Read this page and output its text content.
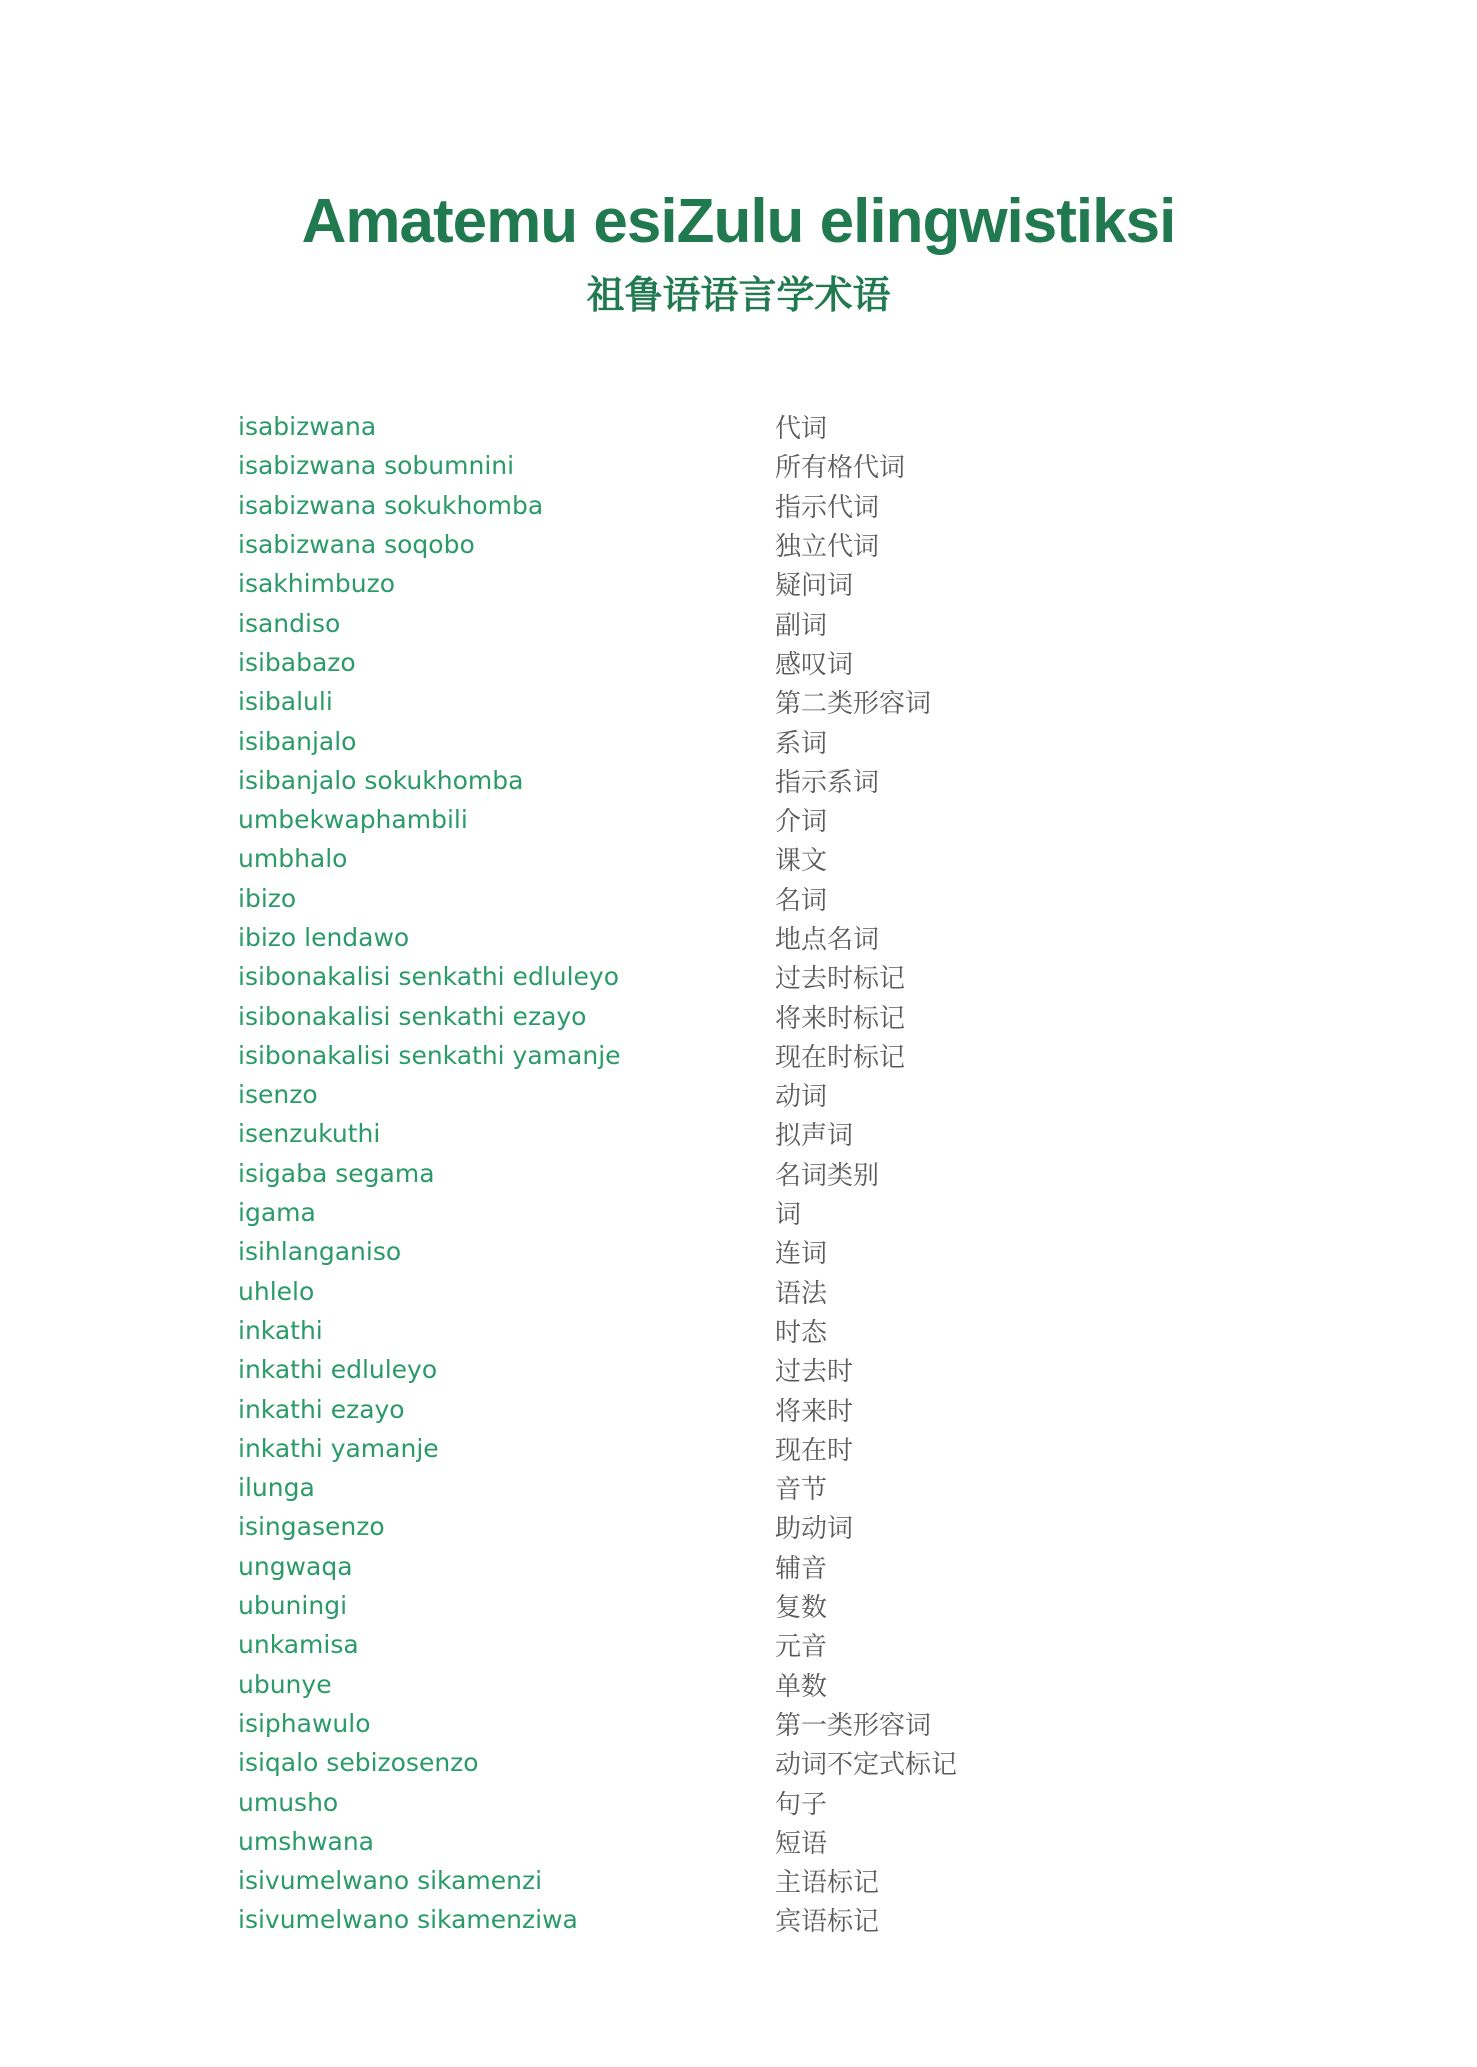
Amatemu esiZulu elingwistiksi
祖鲁语语言学术语
isabizwana	代词
isabizwana sobumnini	所有格代词
isabizwana sokukhomba	指示代词
isabizwana soqobo	独立代词
isakhimbuzo	疑问词
isandiso	副词
isibabazo	感叹词
isibaluli	第二类形容词
isibanjalo	系词
isibanjalo sokukhomba	指示系词
umbekwaphambili	介词
umbhalo	课文
ibizo	名词
ibizo lendawo	地点名词
isibonakalisi senkathi edluleyo	过去时标记
isibonakalisi senkathi ezayo	将来时标记
isibonakalisi senkathi yamanje	现在时标记
isenzo	动词
isenzukuthi	拟声词
isigaba segama	名词类别
igama	词
isihlanganiso	连词
uhlelo	语法
inkathi	时态
inkathi edluleyo	过去时
inkathi ezayo	将来时
inkathi yamanje	现在时
ilunga	音节
isingasenzo	助动词
ungwaqa	辅音
ubuningi	复数
unkamisa	元音
ubunye	单数
isiphawulo	第一类形容词
isiqalo sebizosenzo	动词不定式标记
umusho	句子
umshwana	短语
isivumelwano sikamenzi	主语标记
isivumelwano sikamenziwa	宾语标记
